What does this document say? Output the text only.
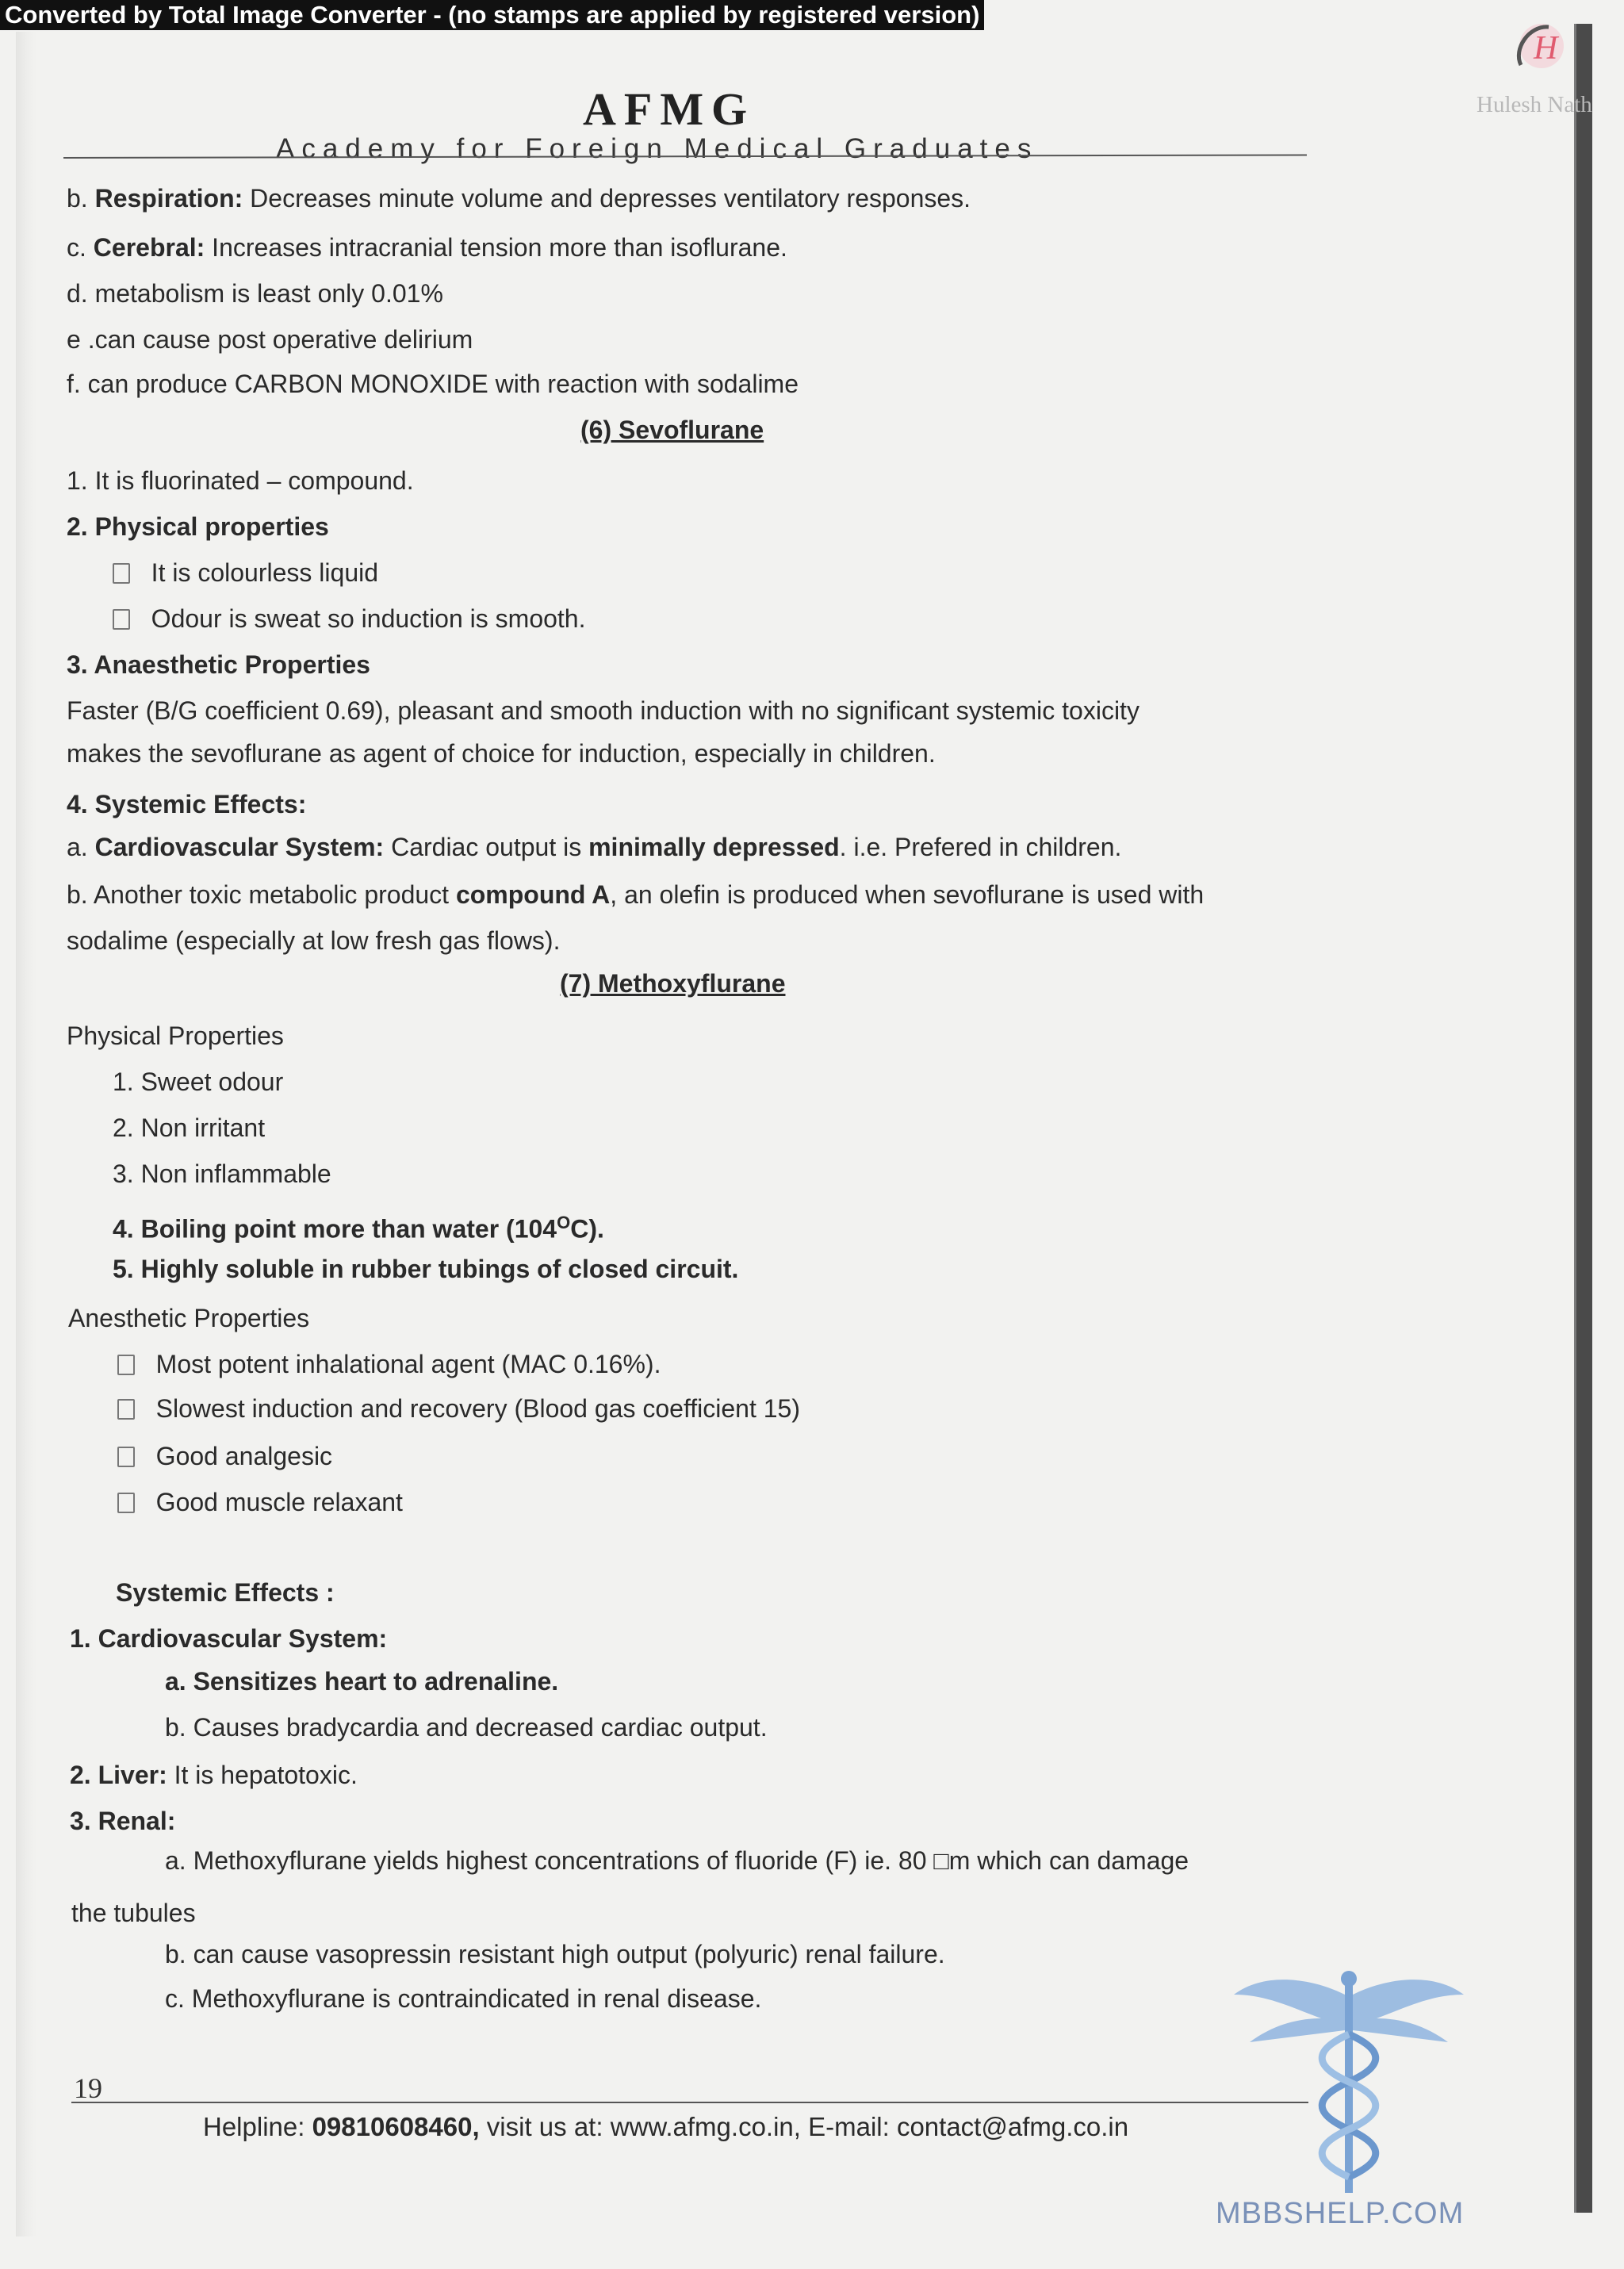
Converted by Total Image Converter - (no stamps are applied by registered version)
H
Hulesh Nath
AFMG
Academy for Foreign Medical Graduates
b. Respiration: Decreases minute volume and depresses ventilatory responses.
c. Cerebral: Increases intracranial tension more than isoflurane.
d. metabolism is least only 0.01%
e .can cause post operative delirium
f. can produce CARBON MONOXIDE with reaction with sodalime
(6) Sevoflurane
1. It is fluorinated – compound.
2. Physical properties
It is colourless liquid
Odour is sweat so induction is smooth.
3. Anaesthetic Properties
Faster (B/G coefficient 0.69), pleasant and smooth induction with no significant systemic toxicity
makes the sevoflurane as agent of choice for induction, especially in children.
4. Systemic Effects:
a. Cardiovascular System: Cardiac output is minimally depressed. i.e. Prefered in children.
b. Another toxic metabolic product compound A, an olefin is produced when sevoflurane is used with
sodalime (especially at low fresh gas flows).
(7) Methoxyflurane
Physical Properties
1. Sweet odour
2. Non irritant
3. Non inflammable
4. Boiling point more than water $(104^OC)$.
5. Highly soluble in rubber tubings of closed circuit.
Anesthetic Properties
Most potent inhalational agent (MAC 0.16%).
Slowest induction and recovery (Blood gas coefficient 15)
Good analgesic
Good muscle relaxant
Systemic Effects :
1. Cardiovascular System:
a. Sensitizes heart to adrenaline.
b. Causes bradycardia and decreased cardiac output.
2. Liver: It is hepatotoxic.
3. Renal:
a. Methoxyflurane yields highest concentrations of fluoride (F) ie. 80 □m which can damage
the tubules
b. can cause vasopressin resistant high output (polyuric) renal failure.
c. Methoxyflurane is contraindicated in renal disease.
19
Helpline: 09810608460, visit us at: www.afmg.co.in, E-mail: contact@afmg.co.in
MBBSHELP.COM
